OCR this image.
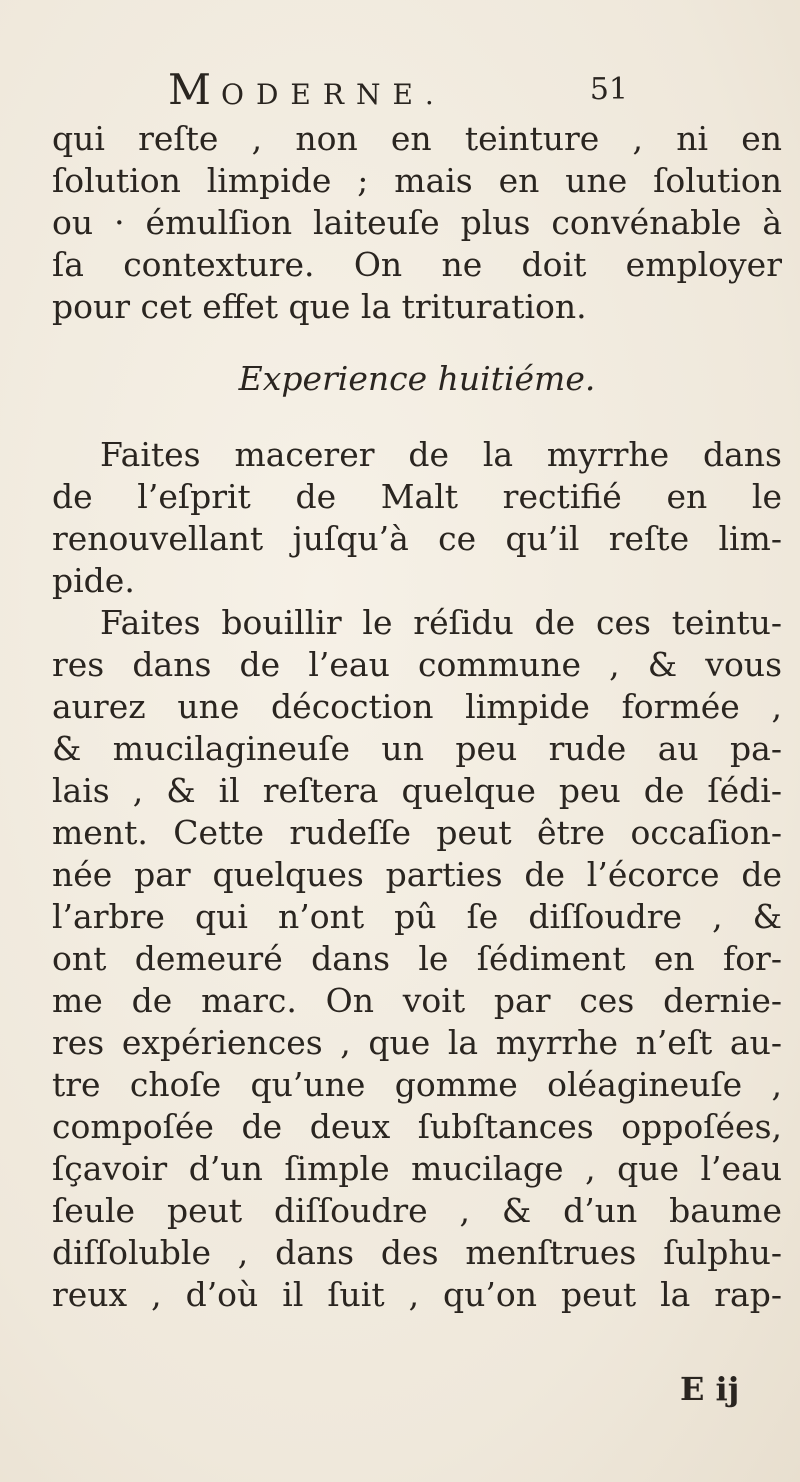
MODERNE.	51
qui reſte , non en teinture , ni en
ſolution limpide ; mais en une ſolution
ou · émulſion laiteuſe plus convénable à
ſa contexture. On ne doit employer
pour cet effet que la trituration.
Experience huitiéme.
Faites macerer de la myrrhe dans
de l’eſprit de Malt rectifié en le
renouvellant juſqu’à ce qu’il reſte lim-
pide.
Faites bouillir le réſidu de ces teintu-
res dans de l’eau commune , & vous
aurez une décoction limpide formée ,
& mucilagineuſe un peu rude au pa-
lais , & il reſtera quelque peu de ſédi-
ment. Cette rudeſſe peut être occaſion-
née par quelques parties de l’écorce de
l’arbre qui n’ont pû ſe diſſoudre , &
ont demeuré dans le ſédiment en for-
me de marc. On voit par ces dernie-
res expériences , que la myrrhe n’eſt au-
tre choſe qu’une gomme oléagineuſe ,
compoſée de deux ſubſtances oppoſées,
ſçavoir d’un ſimple mucilage , que l’eau
ſeule peut diſſoudre , & d’un baume
diſſoluble , dans des menſtrues ſulphu-
reux , d’où il ſuit , qu’on peut la rap-
E ij
